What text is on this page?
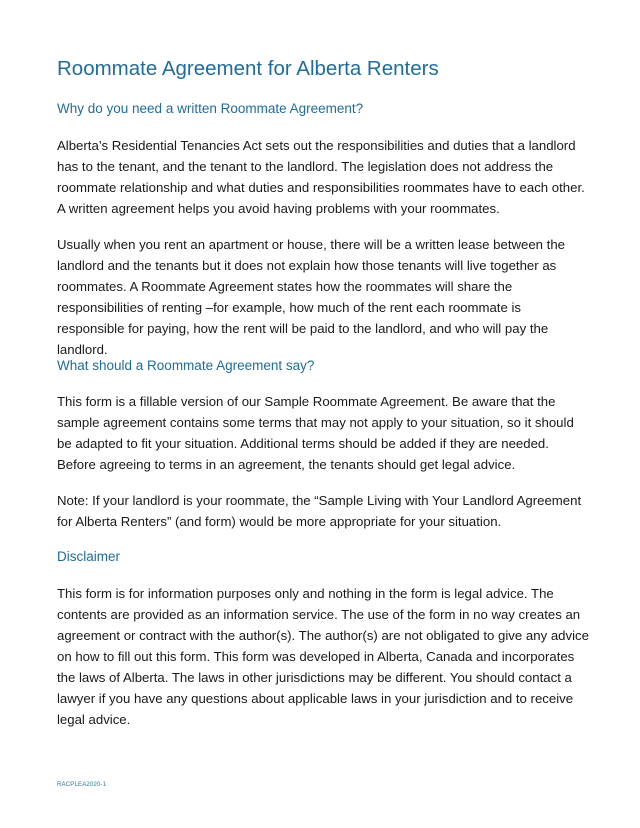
Roommate Agreement for Alberta Renters
Why do you need a written Roommate Agreement?

Alberta’s Residential Tenancies Act sets out the responsibilities and duties that a landlord has to the tenant, and the tenant to the landlord. The legislation does not address the roommate relationship and what duties and responsibilities roommates have to each other. A written agreement helps you avoid having problems with your roommates.

Usually when you rent an apartment or house, there will be a written lease between the landlord and the tenants but it does not explain how those tenants will live together as roommates. A Roommate Agreement states how the roommates will share the responsibilities of renting –for example, how much of the rent each roommate is responsible for paying, how the rent will be paid to the landlord, and who will pay the landlord.

What should a Roommate Agreement say?

This form is a fillable version of our Sample Roommate Agreement. Be aware that the sample agreement contains some terms that may not apply to your situation, so it should be adapted to fit your situation. Additional terms should be added if they are needed. Before agreeing to terms in an agreement, the tenants should get legal advice.

Note: If your landlord is your roommate, the “Sample Living with Your Landlord Agreement for Alberta Renters” (and form) would be more appropriate for your situation.

Disclaimer

This form is for information purposes only and nothing in the form is legal advice. The contents are provided as an information service. The use of the form in no way creates an agreement or contract with the author(s). The author(s) are not obligated to give any advice on how to fill out this form. This form was developed in Alberta, Canada and incorporates the laws of Alberta. The laws in other jurisdictions may be different. You should contact a lawyer if you have any questions about applicable laws in your jurisdiction and to receive legal advice.

RACPLEA2020-1
